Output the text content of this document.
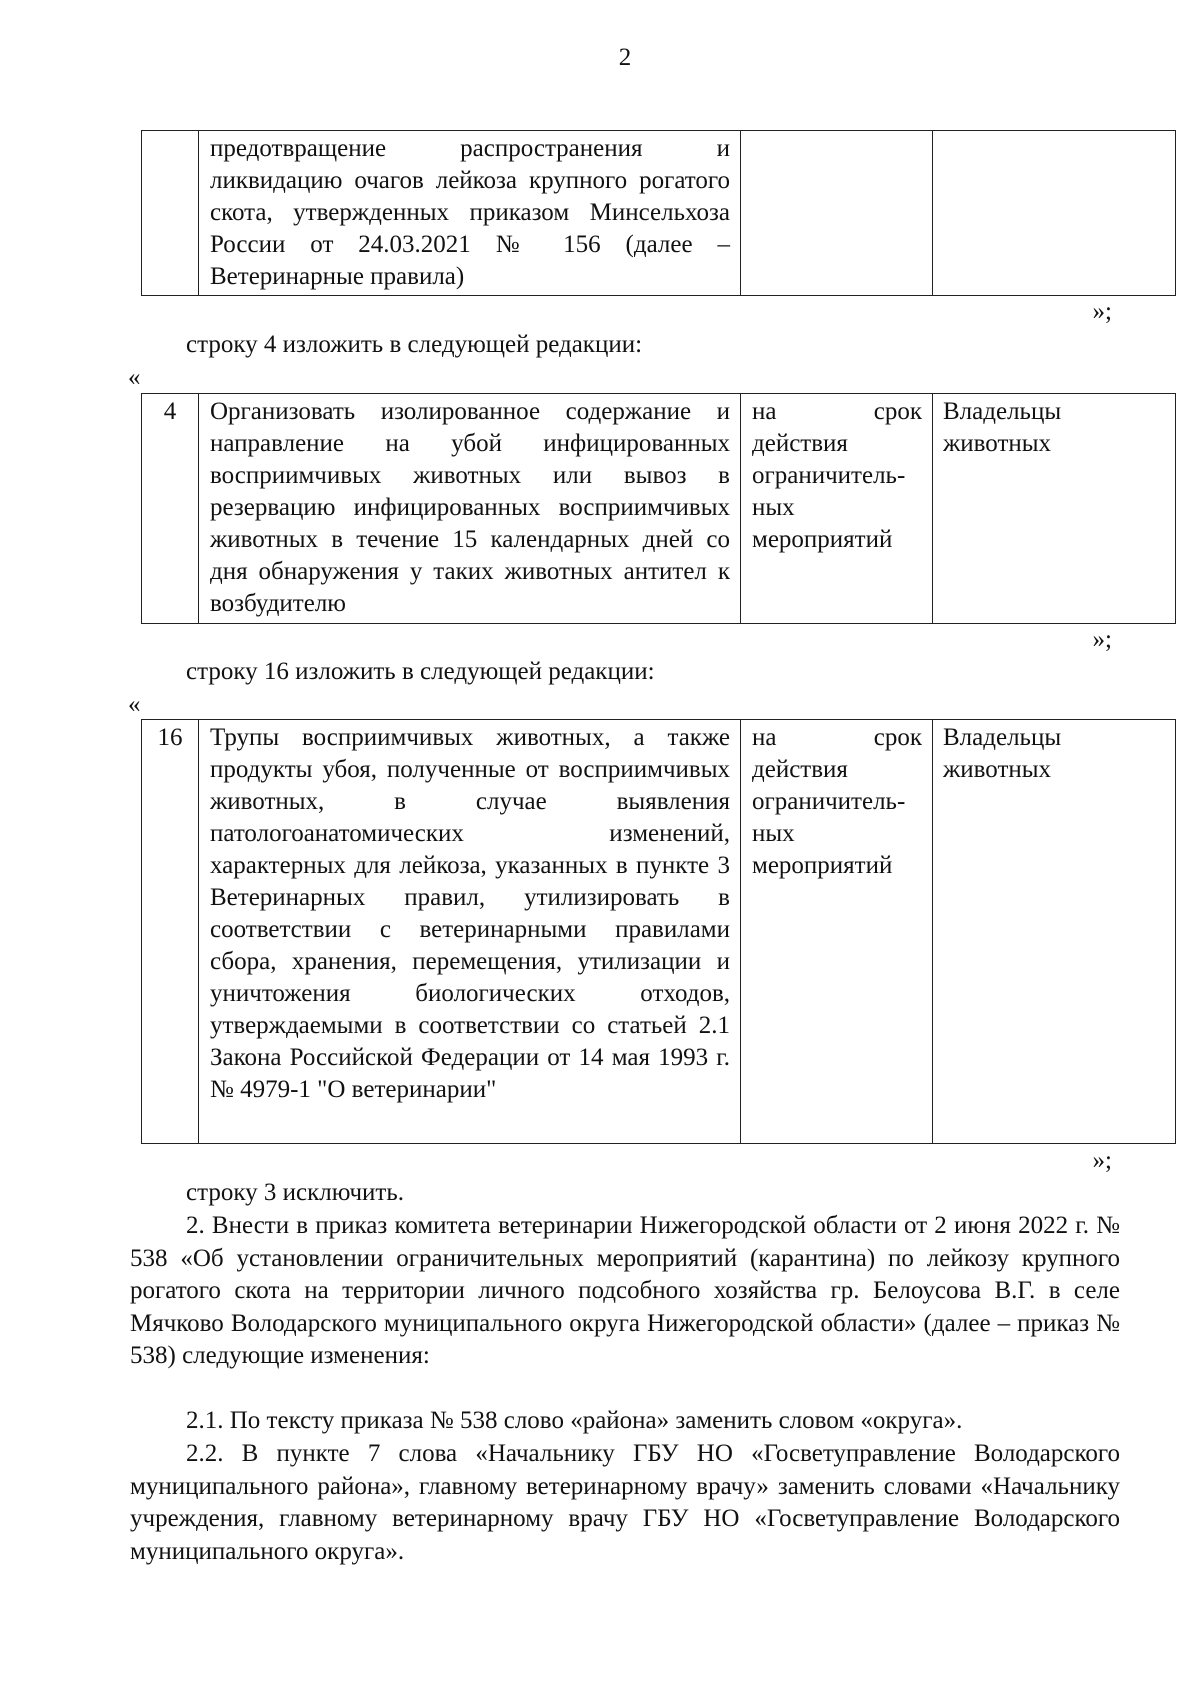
2
	предотвращение распространения и ликвидацию очагов лейкоза крупного рогатого скота, утвержденных приказом Минсельхоза России от 24.03.2021 № 156 (далее – Ветеринарные правила)		
»;
строку 4 изложить в следующей редакции:
«
4	Организовать изолированное содержание и направление на убой инфицированных восприимчивых животных или вывоз в резервацию инфицированных восприимчивых животных в течение 15 календарных дней со дня обнаружения у таких животных антител к возбудителю	на срок действия ограничительных мероприятий	Владельцы животных
»;
строку 16 изложить в следующей редакции:
«
16	Трупы восприимчивых животных, а также продукты убоя, полученные от восприимчивых животных, в случае выявления патологоанатомических изменений, характерных для лейкоза, указанных в пункте 3 Ветеринарных правил, утилизировать в соответствии с ветеринарными правилами сбора, хранения, перемещения, утилизации и уничтожения биологических отходов, утверждаемыми в соответствии со статьей 2.1 Закона Российской Федерации от 14 мая 1993 г. № 4979-1 "О ветеринарии"	на срок действия ограничительных мероприятий	Владельцы животных
»;
строку 3 исключить.

2. Внести в приказ комитета ветеринарии Нижегородской области от 2 июня 2022 г. № 538 «Об установлении ограничительных мероприятий (карантина) по лейкозу крупного рогатого скота на территории личного подсобного хозяйства гр. Белоусова В.Г. в селе Мячково Володарского муниципального округа Нижегородской области» (далее – приказ № 538) следующие изменения:

2.1. По тексту приказа № 538 слово «района» заменить словом «округа».

2.2. В пункте 7 слова «Начальнику ГБУ НО «Госветуправление Володарского муниципального района», главному ветеринарному врачу» заменить словами «Начальнику учреждения, главному ветеринарному врачу ГБУ НО «Госветуправление Володарского муниципального округа».
